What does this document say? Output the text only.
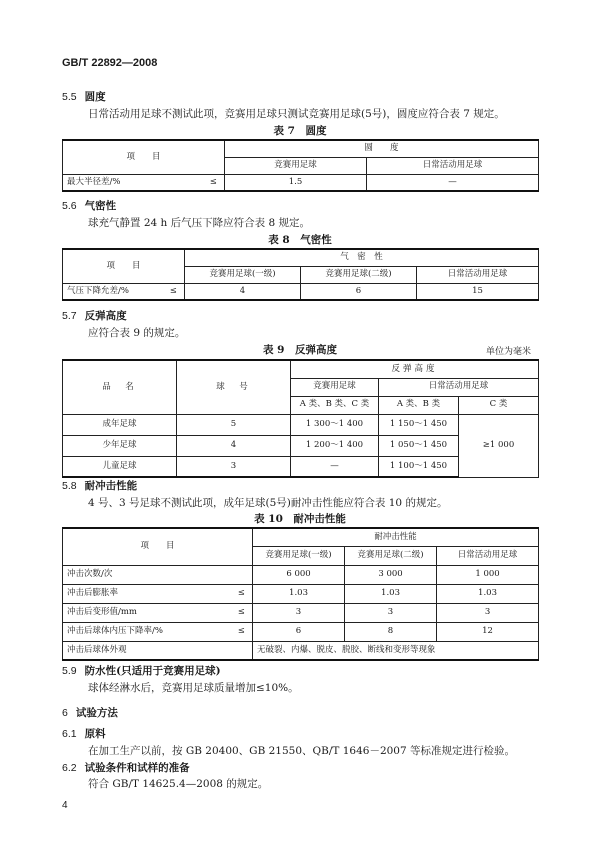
GB/T 22892—2008
5.5 圆度
日常活动用足球不测试此项，竞赛用足球只测试竞赛用足球(5号)，圆度应符合表 7 规定。
表 7　圆度
项　　目		圆　　度	
		竞赛用足球	日常活动用足球
最大半径差/%	≤	1.5	—
5.6 气密性
球充气静置 24 h 后气压下降应符合表 8 规定。
表 8　气密性
项　　目		气　密　性		
		竞赛用足球(一级)	竞赛用足球(二级)	日常活动用足球
气压下降允差/%	≤	4	6	15
5.7 反弹高度
应符合表 9 的规定。
表 9　反弹高度	单位为毫米
品　名	球　号	反弹高度		
		竞赛用足球	日常活动用足球	
		A 类、B 类、C 类	A 类、B 类	C 类
成年足球	5	1 300～1 400	1 150～1 450	≥1 000
少年足球	4	1 200～1 400	1 050～1 450	
儿童足球	3	—	1 100～1 450	
5.8 耐冲击性能
4 号、3 号足球不测试此项，成年足球(5号)耐冲击性能应符合表 10 的规定。
表 10　耐冲击性能
项　　目		耐冲击性能		
		竞赛用足球(一级)	竞赛用足球(二级)	日常活动用足球
冲击次数/次		6 000	3 000	1 000
冲击后膨胀率	≤	1.03	1.03	1.03
冲击后变形值/mm	≤	3	3	3
冲击后球体内压下降率/%	≤	6	8	12
冲击后球体外观		无破裂、内爆、脱皮、脱胶、断线和变形等现象		
5.9 防水性(只适用于竞赛用足球)
球体经淋水后，竞赛用足球质量增加≤10%。
6 试验方法
6.1 原料
在加工生产以前，按 GB 20400、GB 21550、QB/T 1646－2007 等标准规定进行检验。
6.2 试验条件和试样的准备
符合 GB/T 14625.4—2008 的规定。
4
